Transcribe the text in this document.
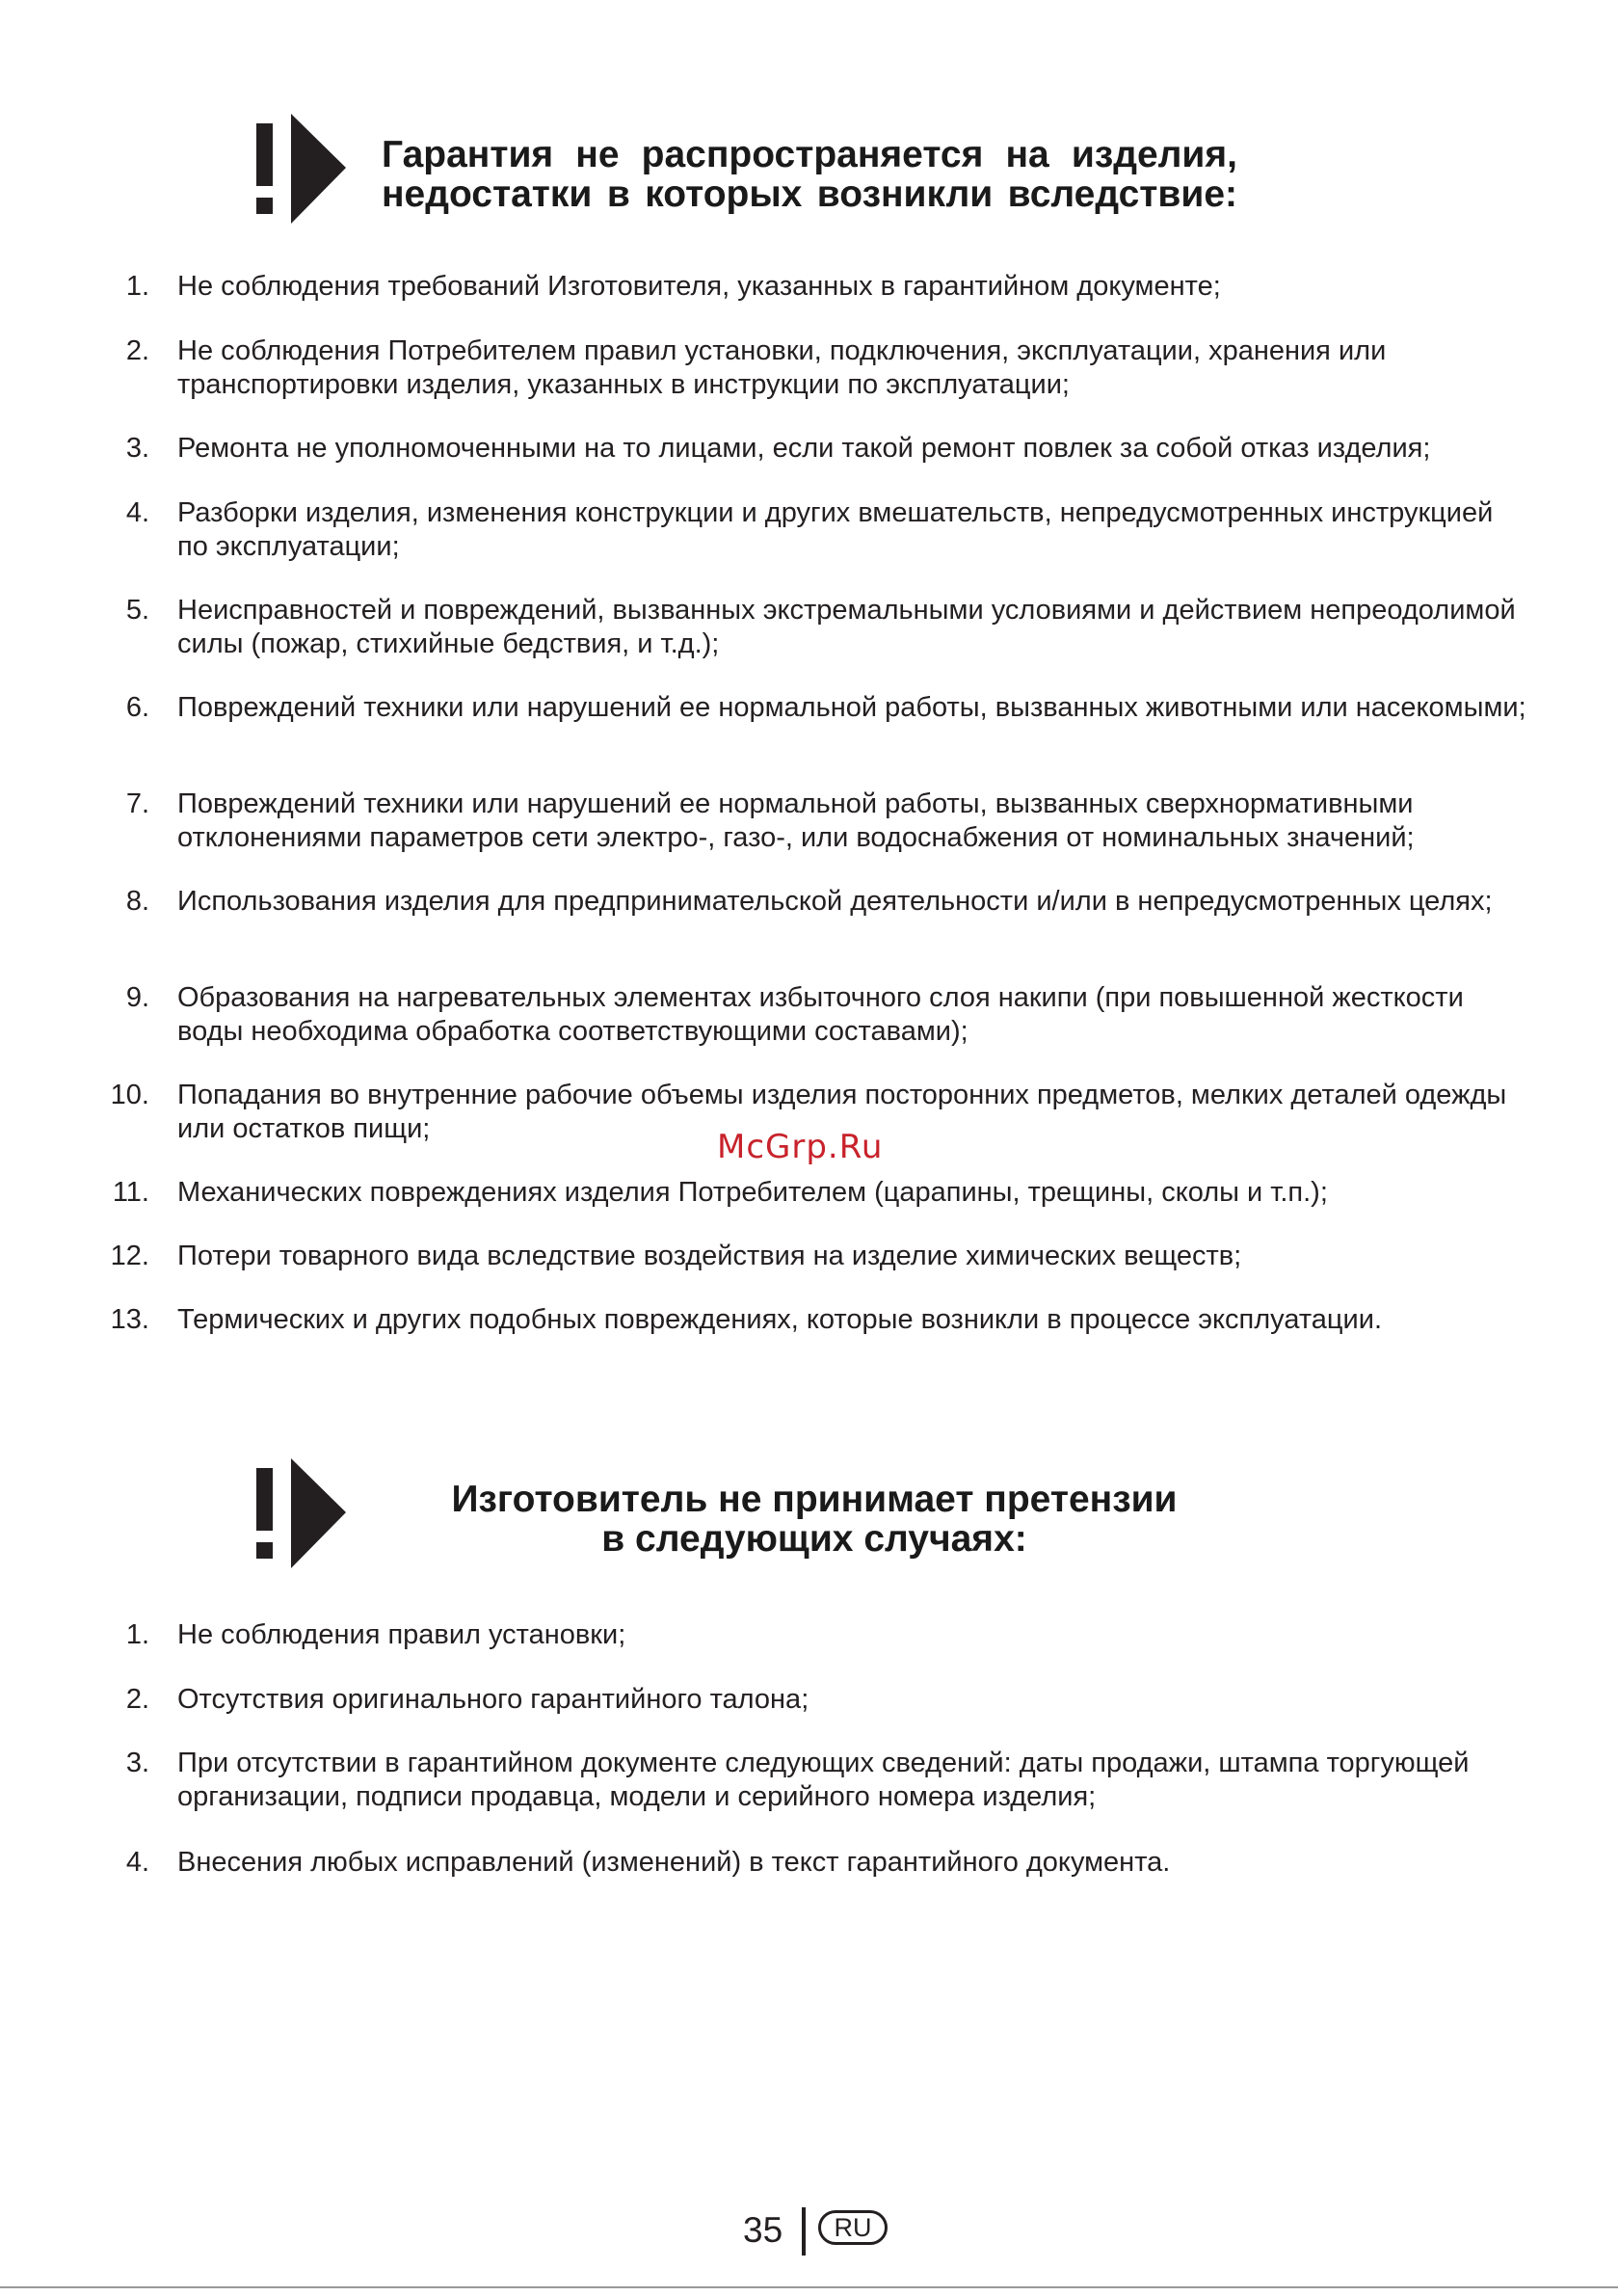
Гарантия не распространяется на изделия,
недостатки в которых возникли вследствие:
1. Не соблюдения требований Изготовителя, указанных в гарантийном документе;
2. Не соблюдения Потребителем правил установки, подключения, эксплуатации, хранения или транспортировки изделия, указанных в инструкции по эксплуатации;
3. Ремонта не уполномоченными на то лицами, если такой ремонт повлек за собой отказ изделия;
4. Разборки изделия, изменения конструкции и других вмешательств, непредусмотренных инструкцией по эксплуатации;
5. Неисправностей и повреждений, вызванных экстремальными условиями и действием непреодолимой силы (пожар, стихийные бедствия, и т.д.);
6. Повреждений техники или нарушений ее нормальной работы, вызванных животными или насекомыми;
7. Повреждений техники или нарушений ее нормальной работы, вызванных сверхнормативными отклонениями параметров сети электро-, газо-, или водоснабжения от номинальных значений;
8. Использования изделия для предпринимательской деятельности и/или в непредусмотренных целях;
9. Образования на нагревательных элементах избыточного слоя накипи (при повышенной жесткости воды необходима обработка соответствующими составами);
10. Попадания во внутренние рабочие объемы изделия посторонних предметов, мелких деталей одежды или остатков пищи;
11. Механических повреждениях изделия Потребителем (царапины, трещины, сколы и т.п.);
12. Потери товарного вида вследствие воздействия на изделие химических веществ;
13. Термических и других подобных повреждениях, которые возникли в процессе эксплуатации.
McGrp.Ru
Изготовитель не принимает претензии
в следующих случаях:
1. Не соблюдения правил установки;
2. Отсутствия оригинального гарантийного талона;
3. При отсутствии в гарантийном документе следующих сведений: даты продажи, штампа торгующей организации, подписи продавца, модели и серийного номера изделия;
4. Внесения любых исправлений (изменений) в текст гарантийного документа.
35	RU
